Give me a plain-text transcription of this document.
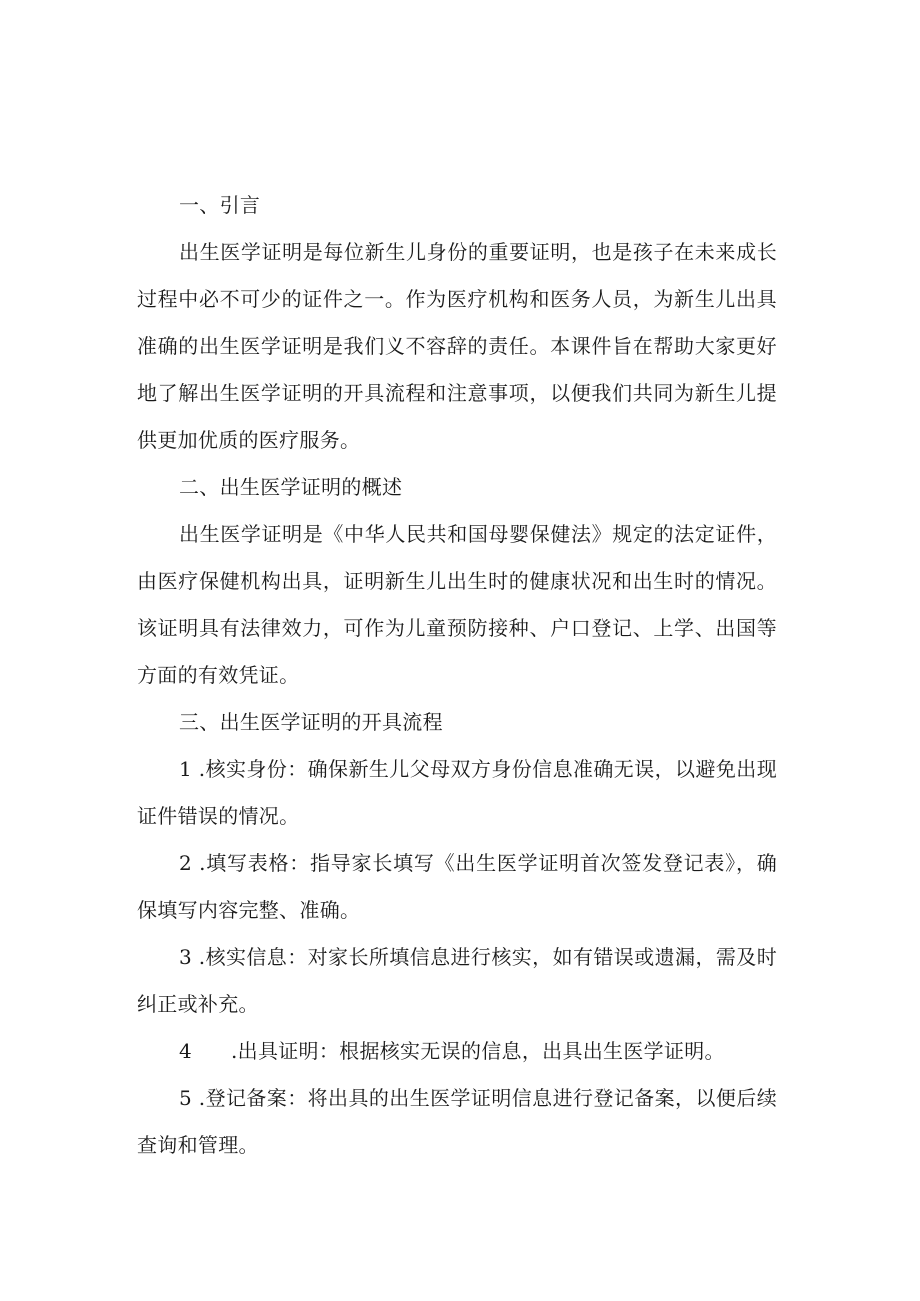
一、引言

出生医学证明是每位新生儿身份的重要证明，也是孩子在未来成长过程中必不可少的证件之一。作为医疗机构和医务人员，为新生儿出具准确的出生医学证明是我们义不容辞的责任。本课件旨在帮助大家更好地了解出生医学证明的开具流程和注意事项，以便我们共同为新生儿提供更加优质的医疗服务。

二、出生医学证明的概述

出生医学证明是《中华人民共和国母婴保健法》规定的法定证件，由医疗保健机构出具，证明新生儿出生时的健康状况和出生时的情况。该证明具有法律效力，可作为儿童预防接种、户口登记、上学、出国等方面的有效凭证。

三、出生医学证明的开具流程

1 .核实身份：确保新生儿父母双方身份信息准确无误，以避免出现证件错误的情况。

2 .填写表格：指导家长填写《出生医学证明首次签发登记表》，确保填写内容完整、准确。

3 .核实信息：对家长所填信息进行核实，如有错误或遗漏，需及时纠正或补充。

4 .出具证明：根据核实无误的信息，出具出生医学证明。

5 .登记备案：将出具的出生医学证明信息进行登记备案，以便后续查询和管理。
